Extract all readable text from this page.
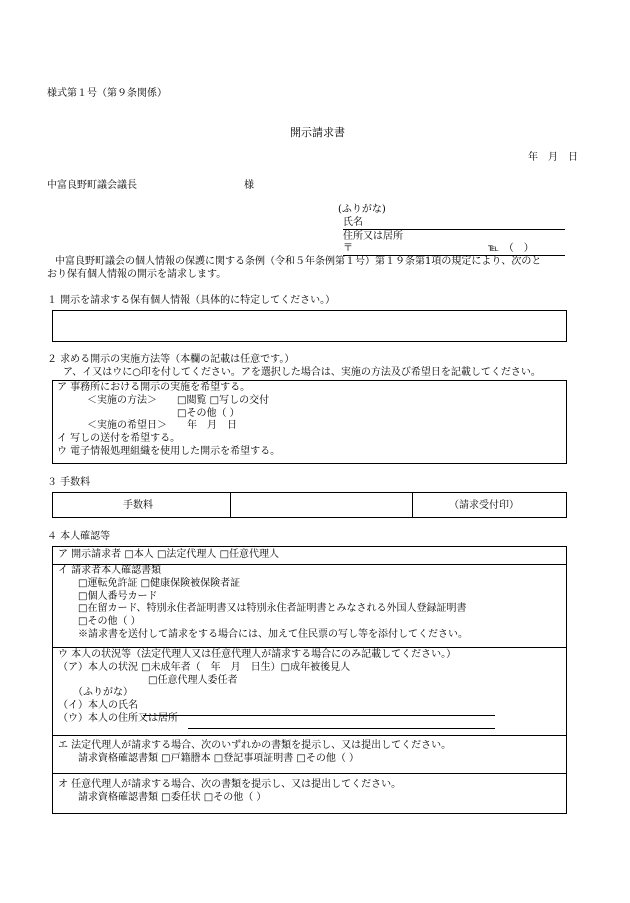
様式第１号（第９条関係）
開示請求書
年　月　日
中富良野町議会議長	様
(ふりがな)
氏名
住所又は居所
〒	℡　（　）
中富良野町議会の個人情報の保護に関する条例（令和５年条例第１号）第１９条第1項の規定により、次のと
おり保有個人情報の開示を請求します。
１ 開示を請求する保有個人情報（具体的に特定してください。）
２ 求める開示の実施方法等（本欄の記載は任意です。）
ア、イ又はウに○印を付してください。アを選択した場合は、実施の方法及び希望日を記載してください。
ア 事務所における開示の実施を希望する。
　　　＜実施の方法＞　　□閲覧 □写しの交付
　　　　　　　　　　　　□その他（ ）
　　　＜実施の希望日＞　　年　月　日
イ 写しの送付を希望する。
ウ 電子情報処理組織を使用した開示を希望する。
３ 手数料
手数料	（請求受付印）
４ 本人確認等
ア 開示請求者 □本人 □法定代理人 □任意代理人
イ 請求者本人確認書類
　　□運転免許証 □健康保険被保険者証
　　□個人番号カード
　　□在留カード、特別永住者証明書又は特別永住者証明書とみなされる外国人登録証明書
　　□その他（ ）
　　※請求書を送付して請求をする場合には、加えて住民票の写し等を添付してください。
ウ 本人の状況等（法定代理人又は任意代理人が請求する場合にのみ記載してください。）
（ア）本人の状況 □未成年者（　年　月　日生）□成年被後見人
　　　　　　　　　□任意代理人委任者
　　（ふりがな）
（イ）本人の氏名
（ウ）本人の住所又は居所
エ 法定代理人が請求する場合、次のいずれかの書類を提示し、又は提出してください。
　　請求資格確認書類 □戸籍謄本 □登記事項証明書 □その他（ ）
オ 任意代理人が請求する場合、次の書類を提示し、又は提出してください。
　　請求資格確認書類 □委任状 □その他（ ）
